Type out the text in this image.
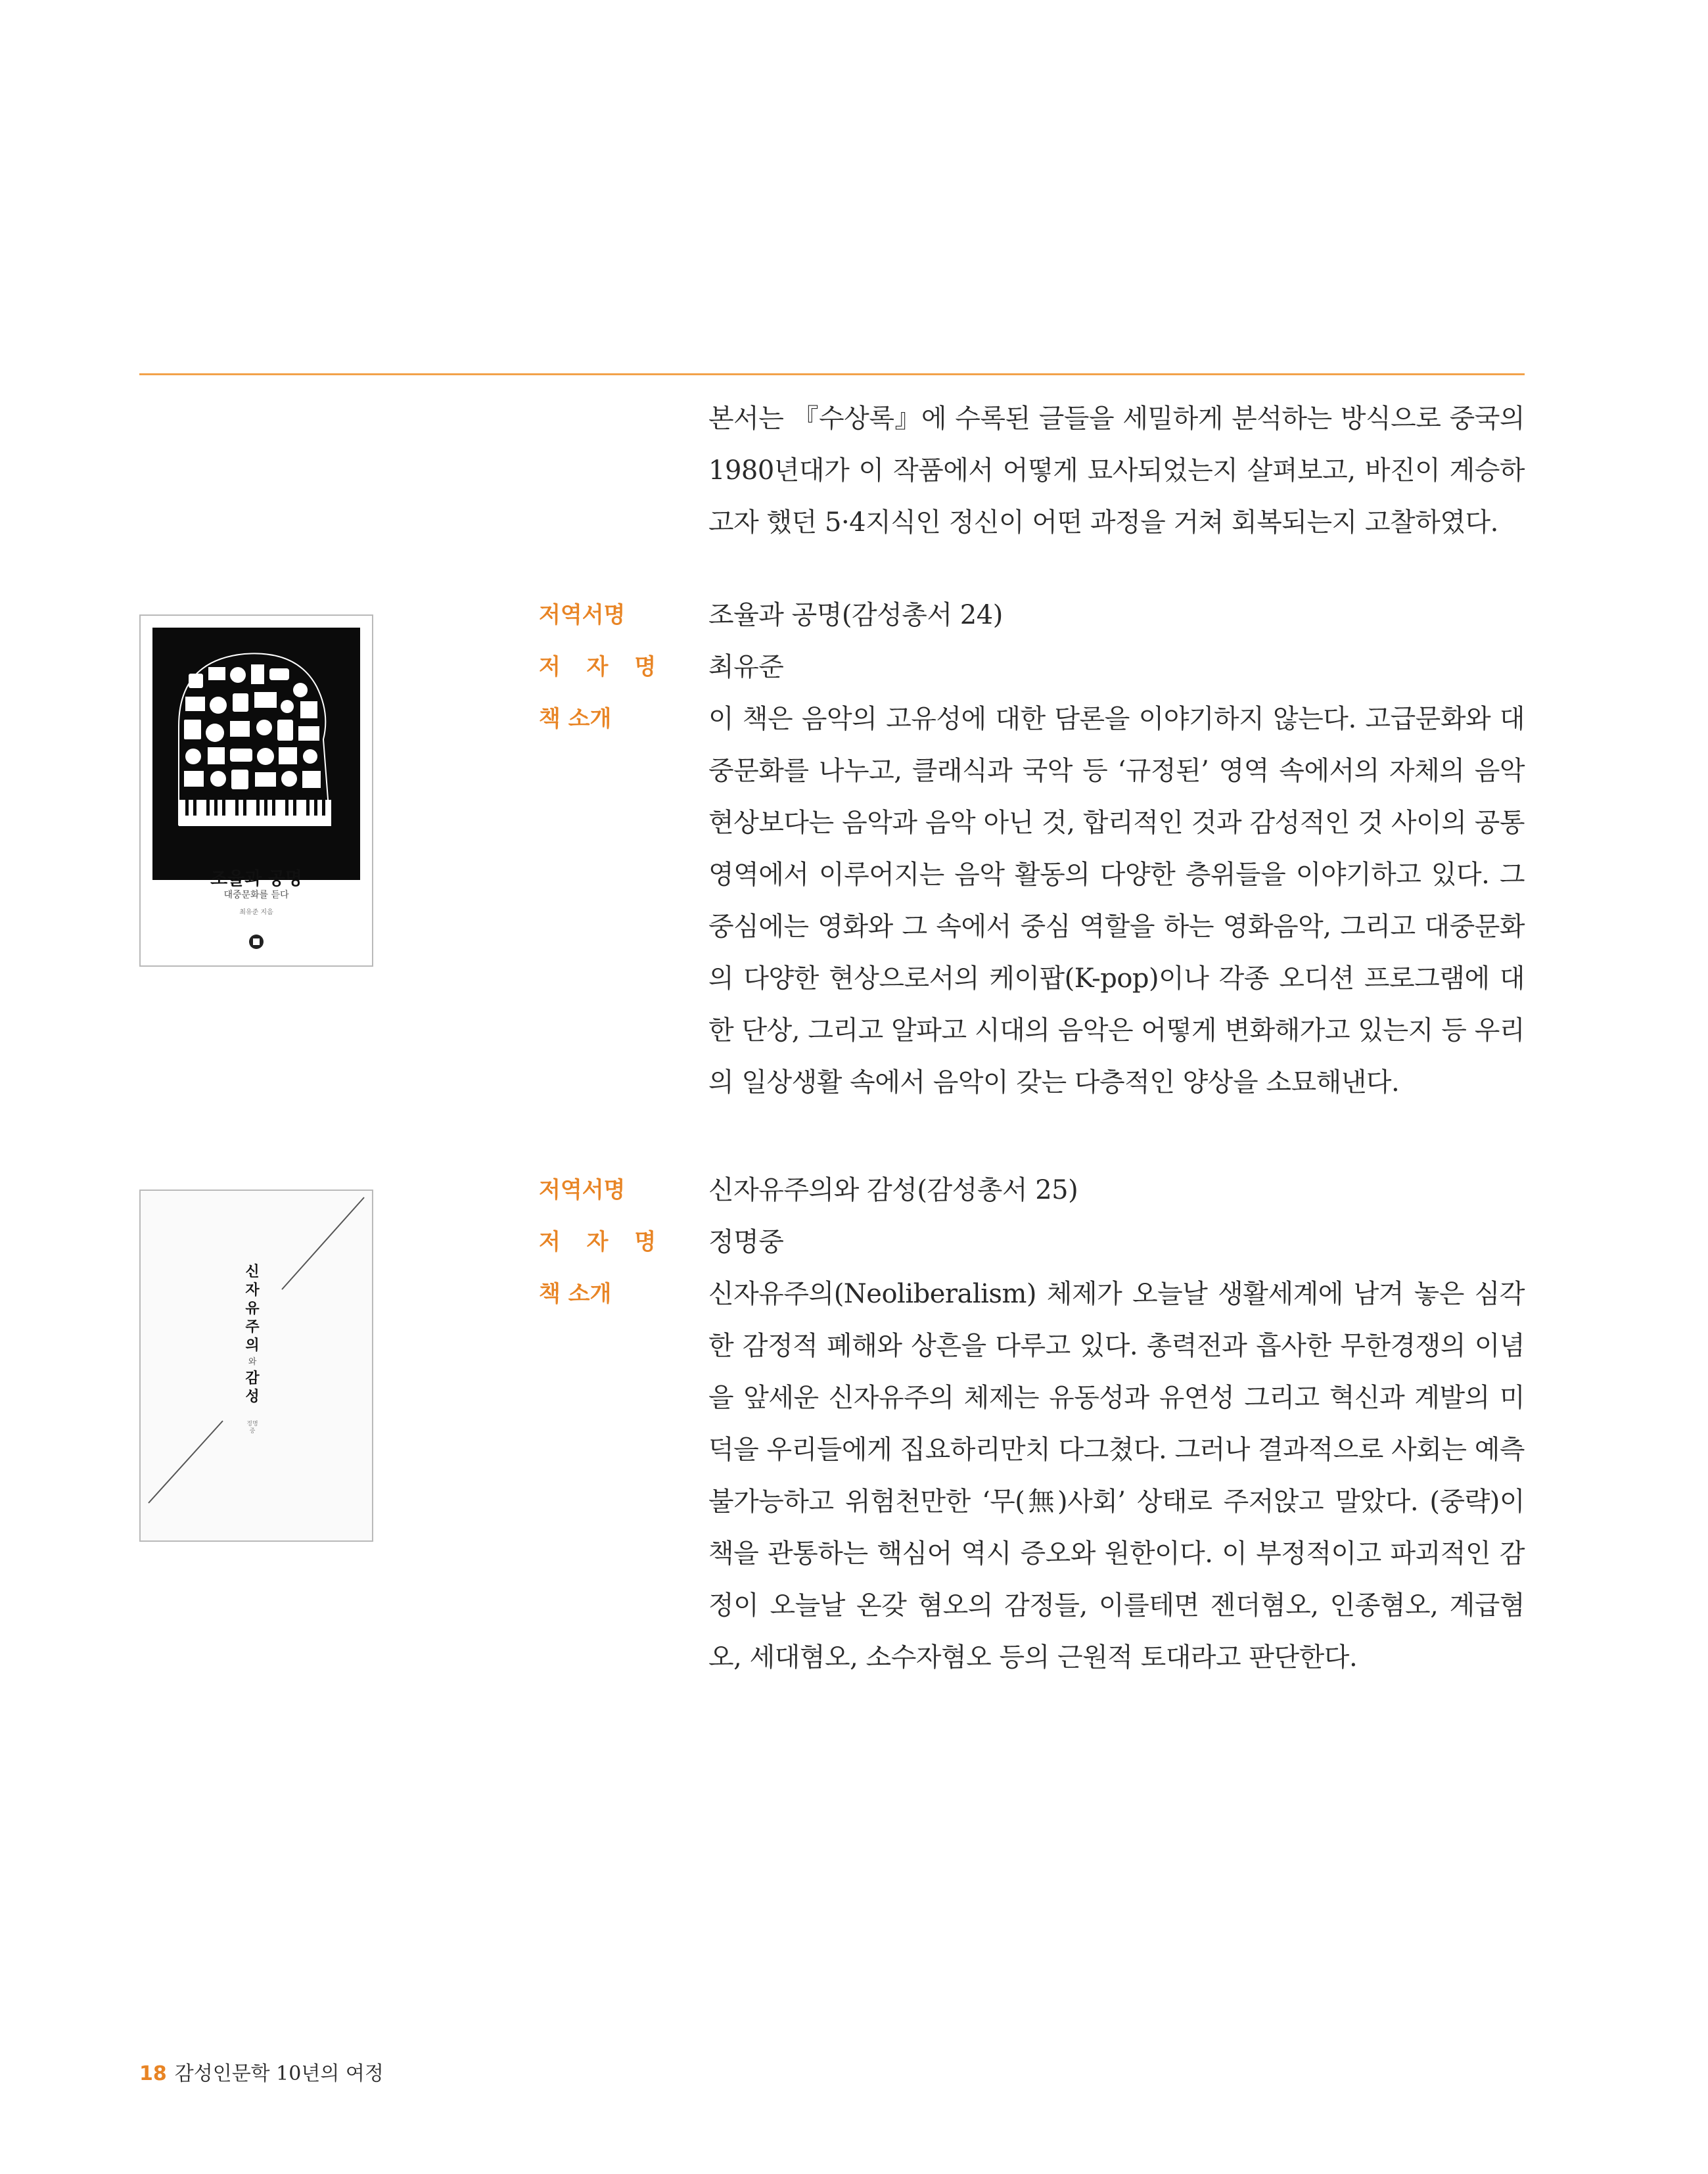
본서는 『수상록』에 수록된 글들을 세밀하게 분석하는 방식으로 중국의 1980년대가 이 작품에서 어떻게 묘사되었는지 살펴보고, 바진이 계승하고자 했던 5·4지식인 정신이 어떤 과정을 거쳐 회복되는지 고찰하였다.

조율과 공명
대중문화를 듣다
최유준 지음
저역서명	조율과 공명(감성총서 24)
저 자 명 최유준
책 소개	이 책은 음악의 고유성에 대한 담론을 이야기하지 않는다. 고급문화와 대중문화를 나누고, 클래식과 국악 등 ‘규정된’ 영역 속에서의 자체의 음악 현상보다는 음악과 음악 아닌 것, 합리적인 것과 감성적인 것 사이의 공통 영역에서 이루어지는 음악 활동의 다양한 층위들을 이야기하고 있다. 그 중심에는 영화와 그 속에서 중심 역할을 하는 영화음악, 그리고 대중문화의 다양한 현상으로서의 케이팝(K-pop)이나 각종 오디션 프로그램에 대한 단상, 그리고 알파고 시대의 음악은 어떻게 변화해가고 있는지 등 우리의 일상생활 속에서 음악이 갖는 다층적인 양상을 소묘해낸다.

신
자
유
주
의
와
감
성
정명중
저역서명	신자유주의와 감성(감성총서 25)
저 자 명 정명중
책 소개	신자유주의(Neoliberalism) 체제가 오늘날 생활세계에 남겨 놓은 심각한 감정적 폐해와 상흔을 다루고 있다. 총력전과 흡사한 무한경쟁의 이념을 앞세운 신자유주의 체제는 유동성과 유연성 그리고 혁신과 계발의 미덕을 우리들에게 집요하리만치 다그쳤다. 그러나 결과적으로 사회는 예측 불가능하고 위험천만한 ‘무(無)사회’ 상태로 주저앉고 말았다. (중략)이 책을 관통하는 핵심어 역시 증오와 원한이다. 이 부정적이고 파괴적인 감정이 오늘날 온갖 혐오의 감정들, 이를테면 젠더혐오, 인종혐오, 계급혐오, 세대혐오, 소수자혐오 등의 근원적 토대라고 판단한다.

18 감성인문학 10년의 여정
